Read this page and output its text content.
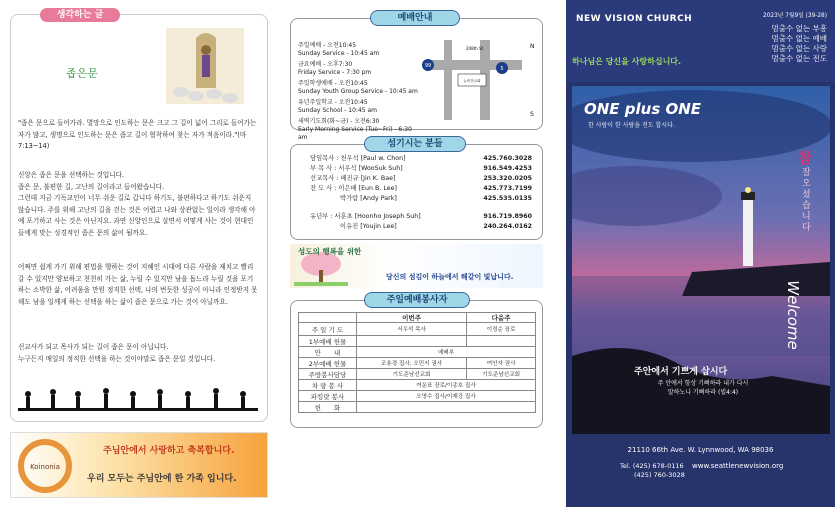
생각하는 글
좁은문
"좁은 문으로 들어가라. 멸망으로 인도하는 문은 크고 그 길이 넓어 그리로 들어가는 자가 많고, 생명으로 인도하는 문은 좁고 길이 협착하여 찾는 자가 적음이라."(마 7:13~14)
신앙은 좁은 문을 선택하는 것입니다.
좁은 문, 불편한 길, 고난의 길이라고 들어왔습니다.
그런데 지금 기독교인이 너무 쉬운 길로 갑니다 하기도, 불편하다고 하기도 쉬운지 않습니다. 주를 위해 고난의 길을 걷는 것은 어렵고 나와 상관없는 일이라 생각해 아예 포기하고 사는 것은 아닌지요. 과연 신앙인으로 살면서 어떻게 사는 것이 현대인들에게 맞는 성경적인 좁은 문의 삶이 될까요.
어쩌면 쉽게 가기 위해 편법을 행하는 것이 지혜인 시대에 다른 사람을 제치고 빨리 갈 수 있지만 양보하고 천천히 가는 삶, 누릴 수 있지만 남을 돕느라 누릴 것을 포기하는 소박한 삶, 어려움을 만원 정직한 선택, 나의 번듯한 성공이 아니라 인정받지 못해도 남을 일깨게 하는 선택을 하는 삶이 좁은 문으로 가는 것이 아닐까요.
선교사가 되고 목사가 되는 길이 좁은 문이 아닙니다.
누구든지 매일의 정직한 선택을 하는 것이야말로 좁은 문일 것입니다.
Koinonia
주님안에서 사랑하고 축복합니다.
우리 모두는 주님안에 한 가족 입니다.
예배안내
주일예배 - 오전10:45
Sunday Service - 10:45 am
금요예배 - 오후7:30
Friday Service - 7:30 pm
주일학생예배 - 오전10:45
Sunday Youth Group Service - 10:45 am
유년주일학교 - 오전10:45
Sunday School - 10:45 am
새벽기도회(화~금) - 오전6:30
Early Morning Service (Tue~Fri) - 6:30 am
99	5
208th St.
뉴비전교회
N
S
섬기시는 분들
담임목사 : 천우석 [Paul w. Chon]	425.760.3028
부 목 사 : 서우석 [WooSuk Suh]	916.549.4253
선교목사 : 배진규 [Jin K. Bae]	253.320.0205
전 도 사 : 이은배 [Eun B. Lee]	425.773.7199
박가람 [Andy Park]	425.535.0135
유년부 : 서훈초 [Hoonho Joseph Suh]	916.719.8960
이유진 [Youjin Lee]	240.264.0162
성도의 행복을 위한
당신의 섬김이 하늘에서 해같이 빛납니다.
주일예배봉사자
	이번주	다음주
주 일 기 도	서우석 목사	이정순 장로
1부예배 헌물		
안　　내	예배부	
2부예배 헌물	조용경 집사, 오민지 권사	여인자 권사
주방봉사담당	기도준남선교회	기도준남선교회
차 량 봉 사	여운표 장로/이종호 집사	
파킹랏 봉사	오명수 집사/이재강 집사	
헌　　화		
NEW VISION CHURCH	2023년 7월9일 (39-28)
멈출수 없는 부흥
멈출수 없는 예배
멈출수 없는 사랑
멈출수 없는 전도
하나님은 당신을 사랑하십니다.
ONE plus ONE
한 사람이 한 사람을 전도 합시다.
참
잘오셨습니다
Welcome
주안에서 기쁘게 삽시다
주 안에서 항상 기뻐하라 내가 다시
말하노니 기뻐하라 (빌4:4)
21110 66th Ave. W. Lynnwood, WA 98036
Tel. (425) 678-0116
(425) 760-3028
www.seattlenewvision.org
